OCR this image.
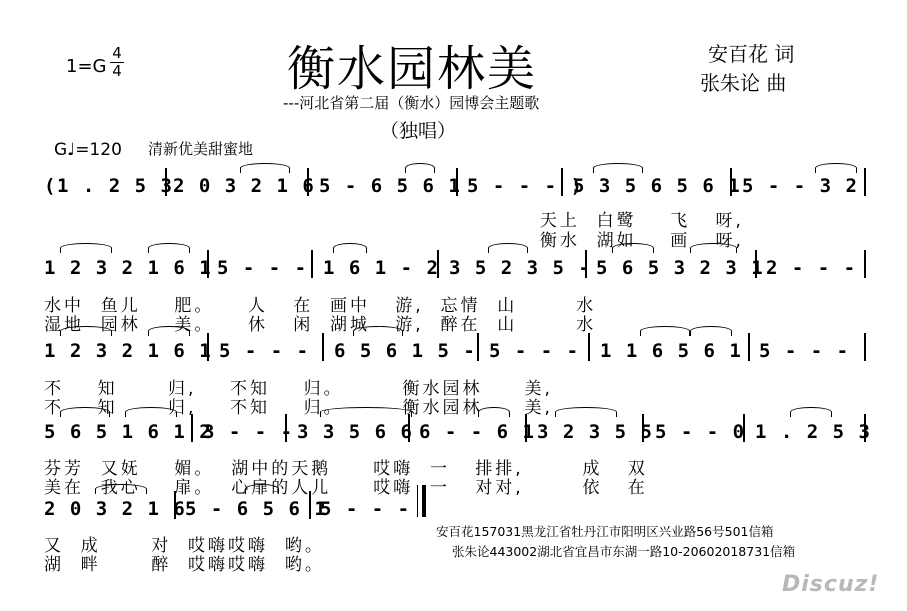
1=G
4
4	衡水园林美
---河北省第二届（衡水）园博会主题歌
（独唱）
安百花 词
张朱论 曲
G♩=120 清新优美甜蜜地
(1 . 2 5 3 2 0 3 2 1 6 5 - 6 5 6 1 5 - - - )
5 3 5 6 5 6 1 5 - - 3 2
天上  白鹭    飞   呀,
衡水  湖如    画   呀,
1 2 3 2 1 6 1 5 - - - 1 6 1 - 2 3 5 2 3 5 - 5 6 5 3 2 3 1 2 - - -
水中  鱼儿    肥。    人   在  画中   游,  忘情  山       水
湿地  园林    美。    休   闲  湖城   游,  醉在  山       水
1 2 3 2 1 6 1 5 - - - 6 5 6 1 5 - 5 - - - 1 1 6 5 6 1 5 - - -
不    知      归,    不知    归。       衡水园林     美,
不    知      归,    不知    归。       衡水园林     美,
5 6 5 1 6 1 2
3 - - - 3 3 5 6 6 6 - - 6 1 3 2 3 5 5 5 - - 0 1 . 2 5 3
芬芳  又妩    媚。  湖中的天鹅     哎嗨  一   排排,       成   双
美在  我心    扉。  心扉的人儿     哎嗨  一   对对,       依   在
2 0 3 2 1 6
5 - 6 5 6 1
5 - - -
又  成      对  哎嗨哎嗨  哟。
湖  畔      醉  哎嗨哎嗨  哟。
安百花157031黑龙江省牡丹江市阳明区兴业路56号501信箱
张朱论443002湖北省宜昌市东湖一路10-20602018731信箱
Discuz!
